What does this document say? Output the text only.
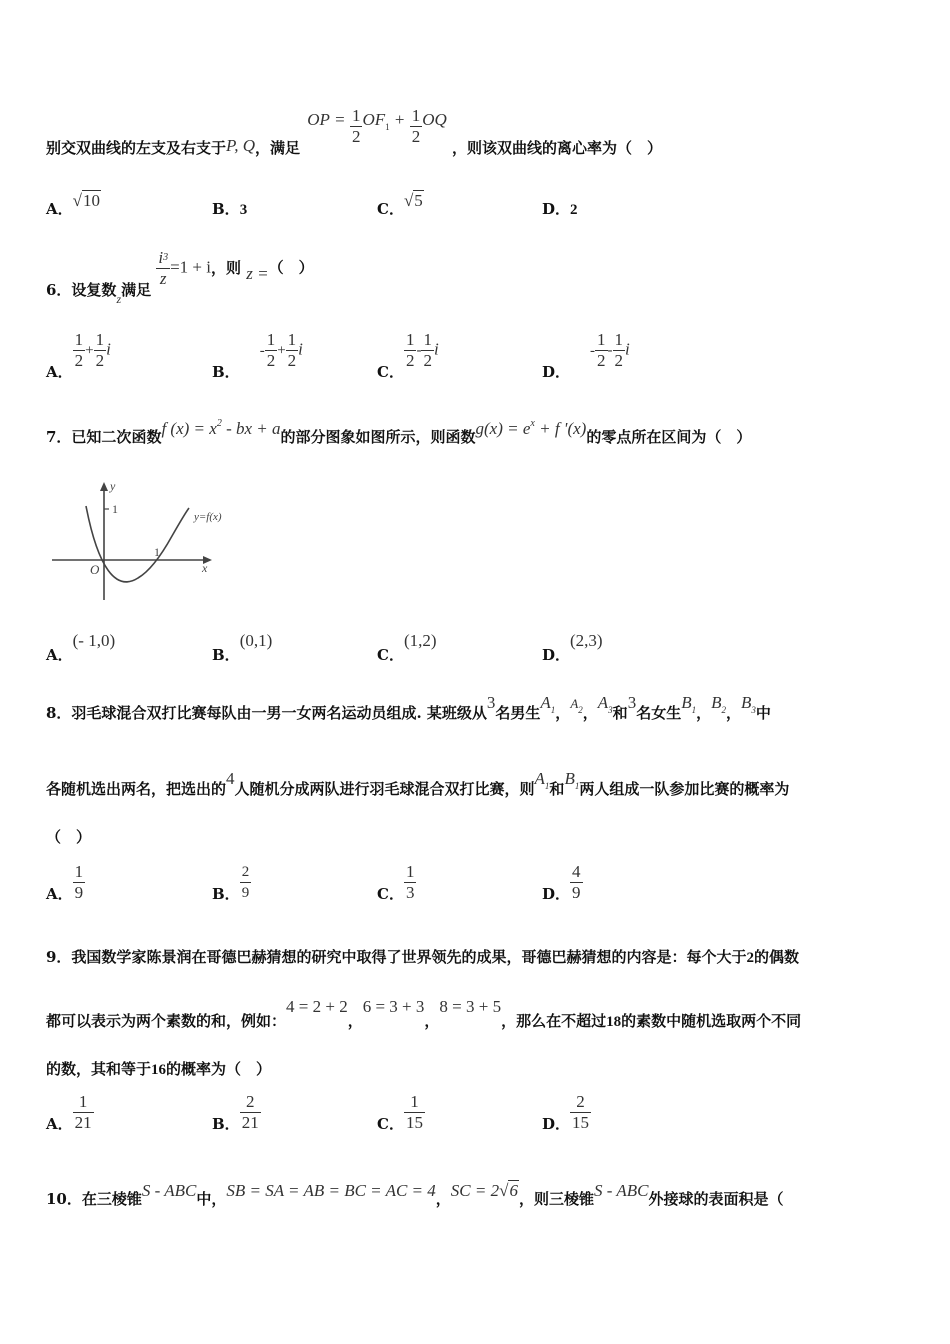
别交双曲线的左支及右支于P, Q，满足 OP = $\frac{1}{2} OF1 + \frac{1}{2}$ OQ ，则该双曲线的离心率为（　）
A．√10	B．3	C．√5	D．2
6．设复数$_z$满足
$\frac{i^3}{z} =1 + i$，则 z =（　）
A．
$\frac{1}{2} + \frac{1}{2}$ i
B．- $\frac{1}{2} + \frac{1}{2}$ i
C．
$\frac{1}{2} - \frac{1}{2}$ i
D．- $\frac{1}{2} - \frac{1}{2}$ i
7．已知二次函数f $(x) = x^2$ - bx + a的部分图象如图所示，则函数$g(x) = e^x + f$ '(x)的零点所在区间为（　）
y
1
y=f(x)
1
O	x
A．(- 1,0)
B．(0,1)
C．(1,2)
D．(2,3)
8．羽毛球混合双打比赛每队由一男一女两名运动员组成. 某班级从3名男生$A_1$，$A_2$，$A_3$和3名女生$B_1$，$B_2$，$B_3$中
各随机选出两名，把选出的4人随机分成两队进行羽毛球混合双打比赛，则$A_1$和$B_1$两人组成一队参加比赛的概率为
（　）
A． $\frac{1}{9}$	B． $\frac{2}{9}$	C． $\frac{1}{3}$	D． $\frac{4}{9}$
9．我国数学家陈景润在哥德巴赫猜想的研究中取得了世界领先的成果，哥德巴赫猜想的内容是：每个大于2的偶数
都可以表示为两个素数的和，例如：4 = 2 + 2，6 = 3 + 3，8 = 3 + 5，那么在不超过18的素数中随机选取两个不同
的数，其和等于16的概率为（　）
A． $\frac{1}{21}$	B． $\frac{2}{21}$	C． $\frac{1}{15}$	D． $\frac{2}{15}$
10．在三棱锥S - ABC中，SB = SA = AB = BC = AC = 4，SC = 2√6，则三棱锥S - ABC外接球的表面积是（
